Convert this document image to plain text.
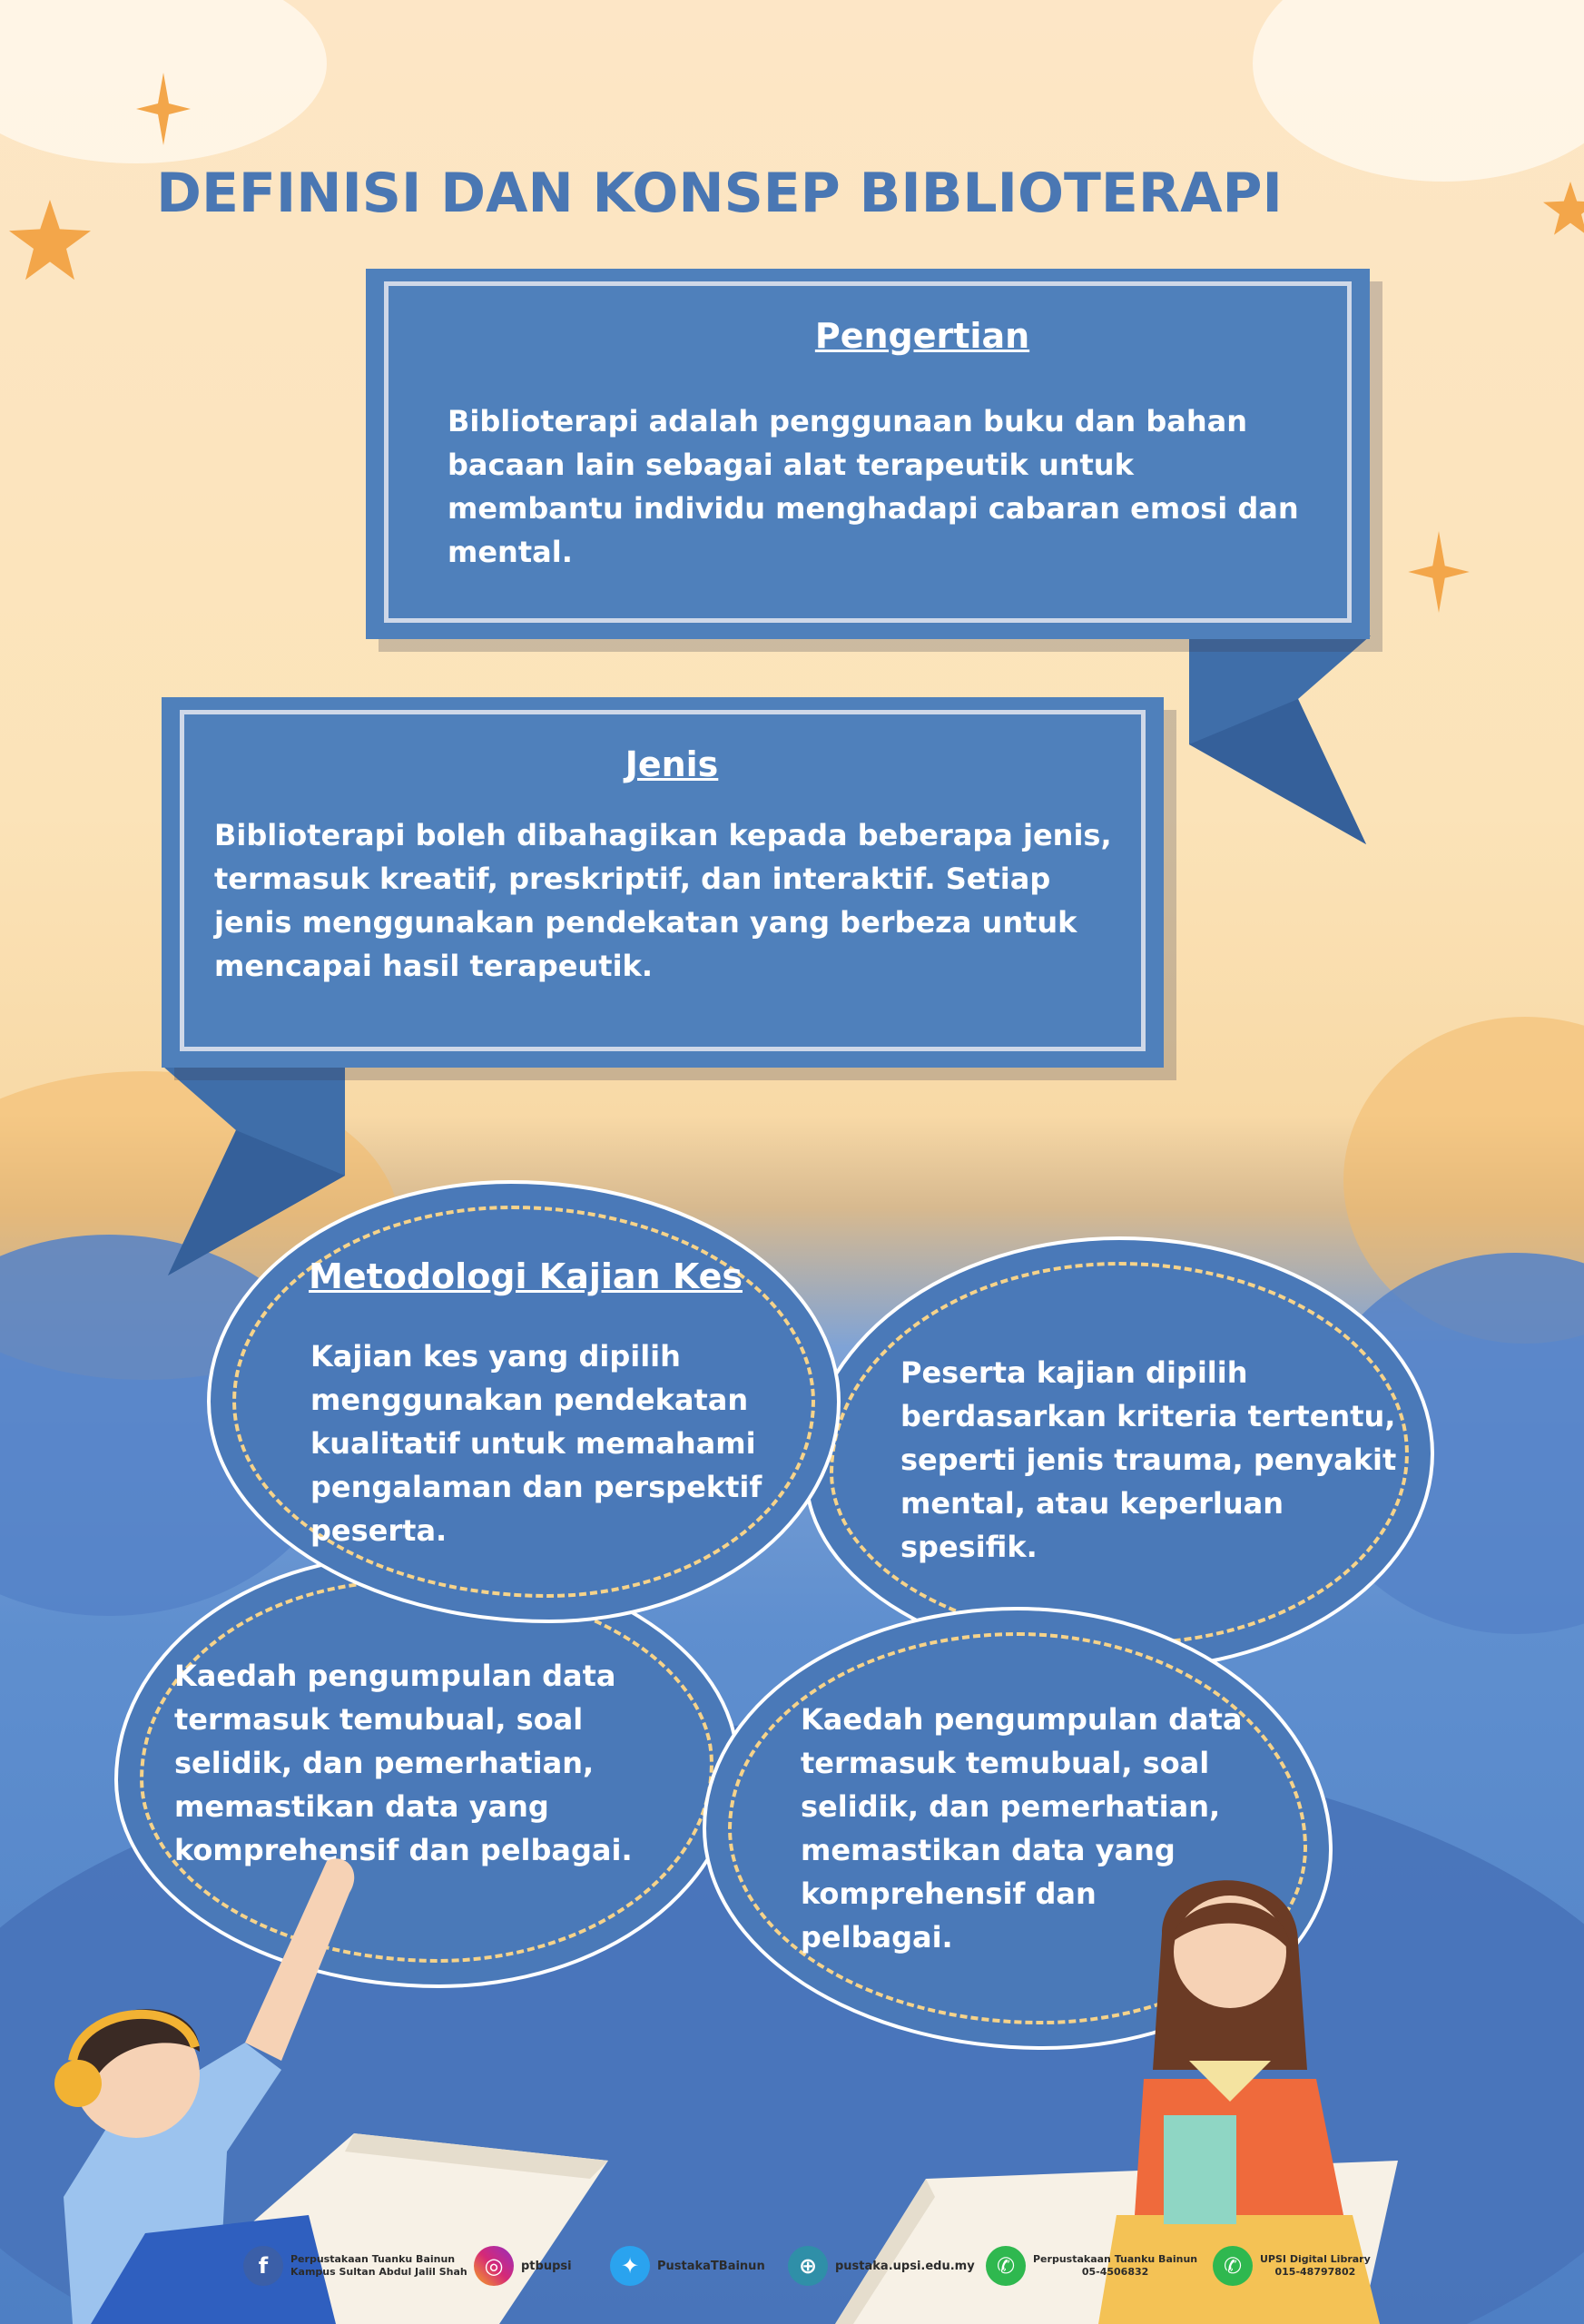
DEFINISI DAN KONSEP BIBLIOTERAPI
Pengertian
Biblioterapi adalah penggunaan buku dan bahan bacaan lain sebagai alat terapeutik untuk membantu individu menghadapi cabaran emosi dan mental.
Jenis
Biblioterapi boleh dibahagikan kepada beberapa jenis, termasuk kreatif, preskriptif, dan interaktif. Setiap jenis menggunakan pendekatan yang berbeza untuk mencapai hasil terapeutik.
Kaedah pengumpulan data termasuk temubual, soal selidik, dan pemerhatian, memastikan data yang komprehensif dan pelbagai.
Peserta kajian dipilih berdasarkan kriteria tertentu, seperti jenis trauma, penyakit mental, atau keperluan spesifik.
Metodologi Kajian Kes
Kajian kes yang dipilih menggunakan pendekatan kualitatif untuk memahami pengalaman dan perspektif peserta.
Kaedah pengumpulan data termasuk temubual, soal selidik, dan pemerhatian, memastikan data yang komprehensif dan pelbagai.
f	Perpustakaan Tuanku Bainun
Kampus Sultan Abdul Jalil Shah ◎	ptbupsi	✦	PustakaTBainun	⊕	pustaka.upsi.edu.my	✆	Perpustakaan Tuanku Bainun
05-4506832	✆	UPSI Digital Library
015-48797802
